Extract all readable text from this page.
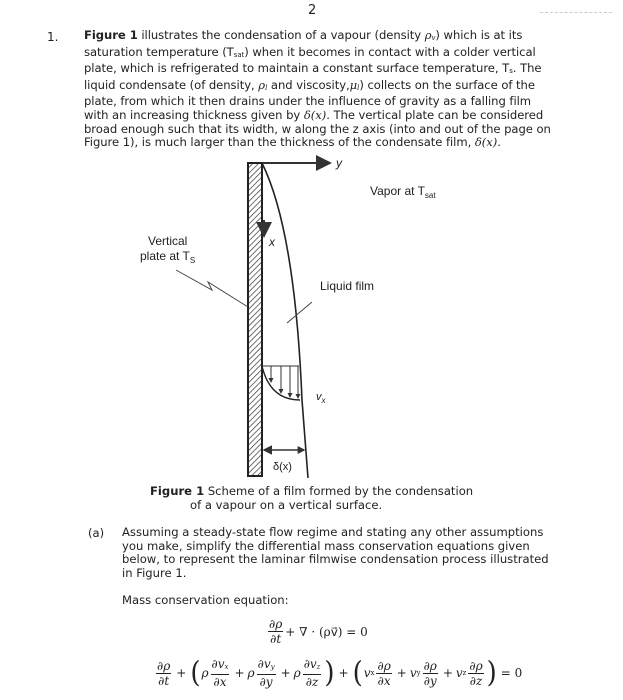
2
1. Figure 1 illustrates the condensation of a vapour (density ρv) which is at its saturation temperature (Tsat) when it becomes in contact with a colder vertical plate, which is refrigerated to maintain a constant surface temperature, Ts. The liquid condensate (of density, ρl and viscosity,μl) collects on the surface of the plate, from which it then drains under the influence of gravity as a falling film with an increasing thickness given by δ(x). The vertical plate can be considered broad enough such that its width, w along the z axis (into and out of the page on Figure 1), is much larger than the thickness of the condensate film, δ(x).
y
x
Vapor at $T_{sat}$
Vertical
plate at $T_S$
Liquid film
$v_x$
δ(x)
Figure 1 Scheme of a film formed by the condensation
of a vapour on a vertical surface.
(a) Assuming a steady-state flow regime and stating any other assumptions you make, simplify the differential mass conservation equations given below, to represent the laminar filmwise condensation process illustrated in Figure 1.
Mass conservation equation:
$\frac{\partial\rho}{\partial t}$ + ∇ · (ρv⃗) = 0
$\frac{\partial\rho}{\partial t}$ + ( ρ $\frac{\partial v_x}{\partial x} + \rho \frac{\partial v_y}{\partial y} + \rho \frac{\partial v_z}{\partial z}$ ) + ( v x $\frac{\partial\rho}{\partial x} + v$ y $\frac{\partial\rho}{\partial y} + v$ z $\frac{\partial\rho}{\partial z}$ ) = 0
